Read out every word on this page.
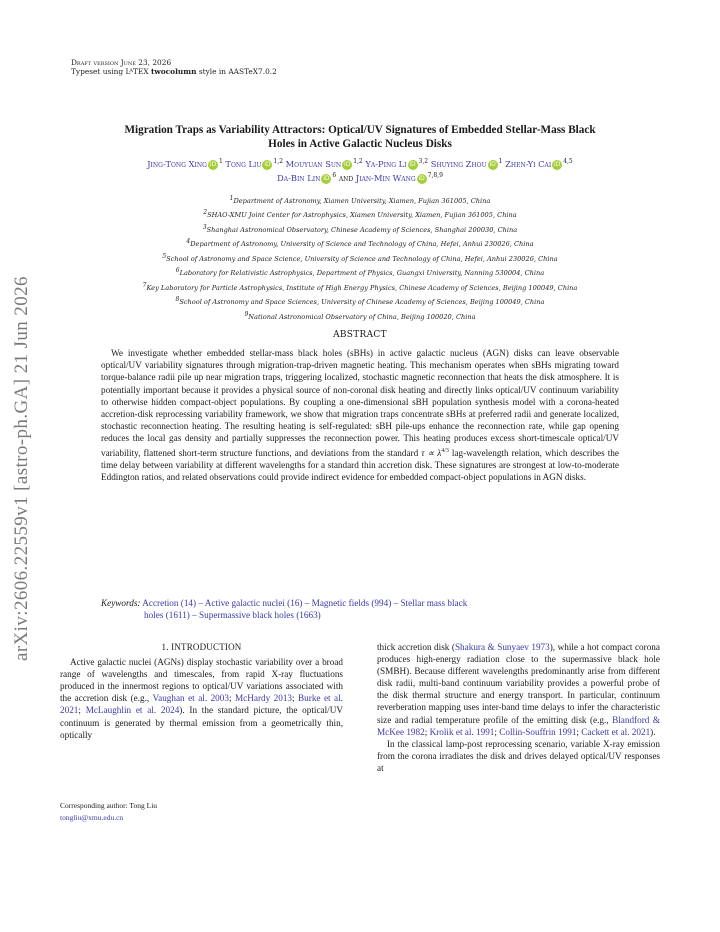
arXiv:2606.22559v1 [astro-ph.GA] 21 Jun 2026
Draft version June 23, 2026
Typeset using $L^ATEX$ twocolumn style in AASTeX7.0.2
Migration Traps as Variability Attractors: Optical/UV Signatures of Embedded Stellar-Mass Black
Holes in Active Galactic Nucleus Disks
Jing-Tong Xing iD $^1$ Tong Liu iD $^{1,2}$ Mouyuan Sun iD $^{1,2}$ Ya-Ping Li iD $^{3,2}$ Shuying Zhou iD $^1$ Zhen-Yi Cai iD $^{4,5}$
Da-Bin Lin iD $^6$ and Jian-Min Wang iD $^{7,8,9}$
$^1$Department of Astronomy, Xiamen University, Xiamen, Fujian 361005, China
$^2$SHAO-XMU Joint Center for Astrophysics, Xiamen University, Xiamen, Fujian 361005, China
$^3$Shanghai Astronomical Observatory, Chinese Academy of Sciences, Shanghai 200030, China
$^4$Department of Astronomy, University of Science and Technology of China, Hefei, Anhui 230026, China
$^5$School of Astronomy and Space Science, University of Science and Technology of China, Hefei, Anhui 230026, China
$^6$Laboratory for Relativistic Astrophysics, Department of Physics, Guangxi University, Nanning 530004, China
$^7$Key Laboratory for Particle Astrophysics, Institute of High Energy Physics, Chinese Academy of Sciences, Beijing 100049, China
$^8$School of Astronomy and Space Sciences, University of Chinese Academy of Sciences, Beijing 100049, China
$^9$National Astronomical Observatory of China, Beijing 100020, China
ABSTRACT

We investigate whether embedded stellar-mass black holes (sBHs) in active galactic nucleus (AGN) disks can leave observable optical/UV variability signatures through migration-trap-driven magnetic heating. This mechanism operates when sBHs migrating toward torque-balance radii pile up near migration traps, triggering localized, stochastic magnetic reconnection that heats the disk atmosphere. It is potentially important because it provides a physical source of non-coronal disk heating and directly links optical/UV continuum variability to otherwise hidden compact-object populations. By coupling a one-dimensional sBH population synthesis model with a corona-heated accretion-disk reprocessing variability framework, we show that migration traps concentrate sBHs at preferred radii and generate localized, stochastic reconnection heating. The resulting heating is self-regulated: sBH pile-ups enhance the reconnection rate, while gap opening reduces the local gas density and partially suppresses the reconnection power. This heating produces excess short-timescale optical/UV variability, flattened short-term structure functions, and deviations from the standard $\tau \propto \lambda^{4/3}$ lag-wavelength relation, which describes the time delay between variability at different wavelengths for a standard thin accretion disk. These signatures are strongest at low-to-moderate Eddington ratios, and related observations could provide indirect evidence for embedded compact-object populations in AGN disks.

Keywords: Accretion (14) – Active galactic nuclei (16) – Magnetic fields (994) – Stellar mass black
holes (1611) – Supermassive black holes (1663)
1. INTRODUCTION

Active galactic nuclei (AGNs) display stochastic variability over a broad range of wavelengths and timescales, from rapid X-ray fluctuations produced in the innermost regions to optical/UV variations associated with the accretion disk (e.g., Vaughan et al. 2003; McHardy 2013; Burke et al. 2021; McLaughlin et al. 2024). In the standard picture, the optical/UV continuum is generated by thermal emission from a geometrically thin, optically

Corresponding author: Tong Liu
tongliu@xmu.edu.cn

thick accretion disk (Shakura & Sunyaev 1973), while a hot compact corona produces high-energy radiation close to the supermassive black hole (SMBH). Because different wavelengths predominantly arise from different disk radii, multi-band continuum variability provides a powerful probe of the disk thermal structure and energy transport. In particular, continuum reverberation mapping uses inter-band time delays to infer the characteristic size and radial temperature profile of the emitting disk (e.g., Blandford & McKee 1982; Krolik et al. 1991; Collin-Souffrin 1991; Cackett et al. 2021).

In the classical lamp-post reprocessing scenario, variable X-ray emission from the corona irradiates the disk and drives delayed optical/UV responses at
